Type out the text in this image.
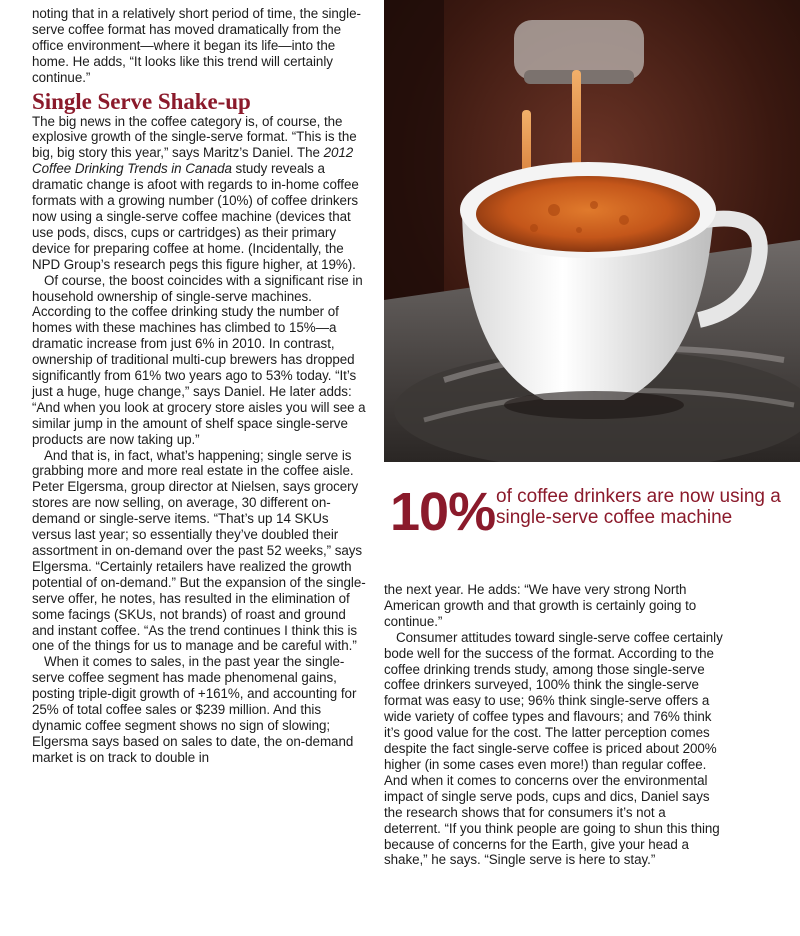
noting that in a relatively short period of time, the single-serve coffee format has moved dramatically from the office environment—where it began its life—into the home. He adds, “It looks like this trend will certainly continue.”

Single Serve Shake-up

The big news in the coffee category is, of course, the explosive growth of the single-serve format. “This is the big, big story this year,” says Maritz’s Daniel. The 2012 Coffee Drinking Trends in Canada study reveals a dramatic change is afoot with regards to in-home coffee formats with a growing number (10%) of coffee drinkers now using a single-serve coffee machine (devices that use pods, discs, cups or cartridges) as their primary device for preparing coffee at home. (Incidentally, the NPD Group’s research pegs this figure higher, at 19%).

Of course, the boost coincides with a significant rise in household ownership of single-serve machines. According to the coffee drinking study the number of homes with these machines has climbed to 15%—a dramatic increase from just 6% in 2010. In contrast, ownership of traditional multi-cup brewers has dropped significantly from 61% two years ago to 53% today. “It’s just a huge, huge change,” says Daniel. He later adds: “And when you look at grocery store aisles you will see a similar jump in the amount of shelf space single-serve products are now taking up.”

And that is, in fact, what’s happening; single serve is grabbing more and more real estate in the coffee aisle. Peter Elgersma, group director at Nielsen, says grocery stores are now selling, on average, 30 different on-demand or single-serve items. “That’s up 14 SKUs versus last year; so essentially they’ve doubled their assortment in on-demand over the past 52 weeks,” says Elgersma. “Certainly retailers have realized the growth potential of on-demand.” But the expansion of the single-serve offer, he notes, has resulted in the elimination of some facings (SKUs, not brands) of roast and ground and instant coffee. “As the trend continues I think this is one of the things for us to manage and be careful with.”

When it comes to sales, in the past year the single-serve coffee segment has made phenomenal gains, posting triple-digit growth of +161%, and accounting for 25% of total coffee sales or $239 million. And this dynamic coffee segment shows no sign of slowing; Elgersma says based on sales to date, the on-demand market is on track to double in

10% of coffee drinkers are now using a single-serve coffee machine

the next year. He adds: “We have very strong North American growth and that growth is certainly going to continue.”

Consumer attitudes toward single-serve coffee certainly bode well for the success of the format. According to the coffee drinking trends study, among those single-serve coffee drinkers surveyed, 100% think the single-serve format was easy to use; 96% think single-serve offers a wide variety of coffee types and flavours; and 76% think it’s good value for the cost. The latter perception comes despite the fact single-serve coffee is priced about 200% higher (in some cases even more!) than regular coffee. And when it comes to concerns over the environmental impact of single serve pods, cups and dics, Daniel says the research shows that for consumers it’s not a deterrent. “If you think people are going to shun this thing because of concerns for the Earth, give your head a shake,” he says. “Single serve is here to stay.”
